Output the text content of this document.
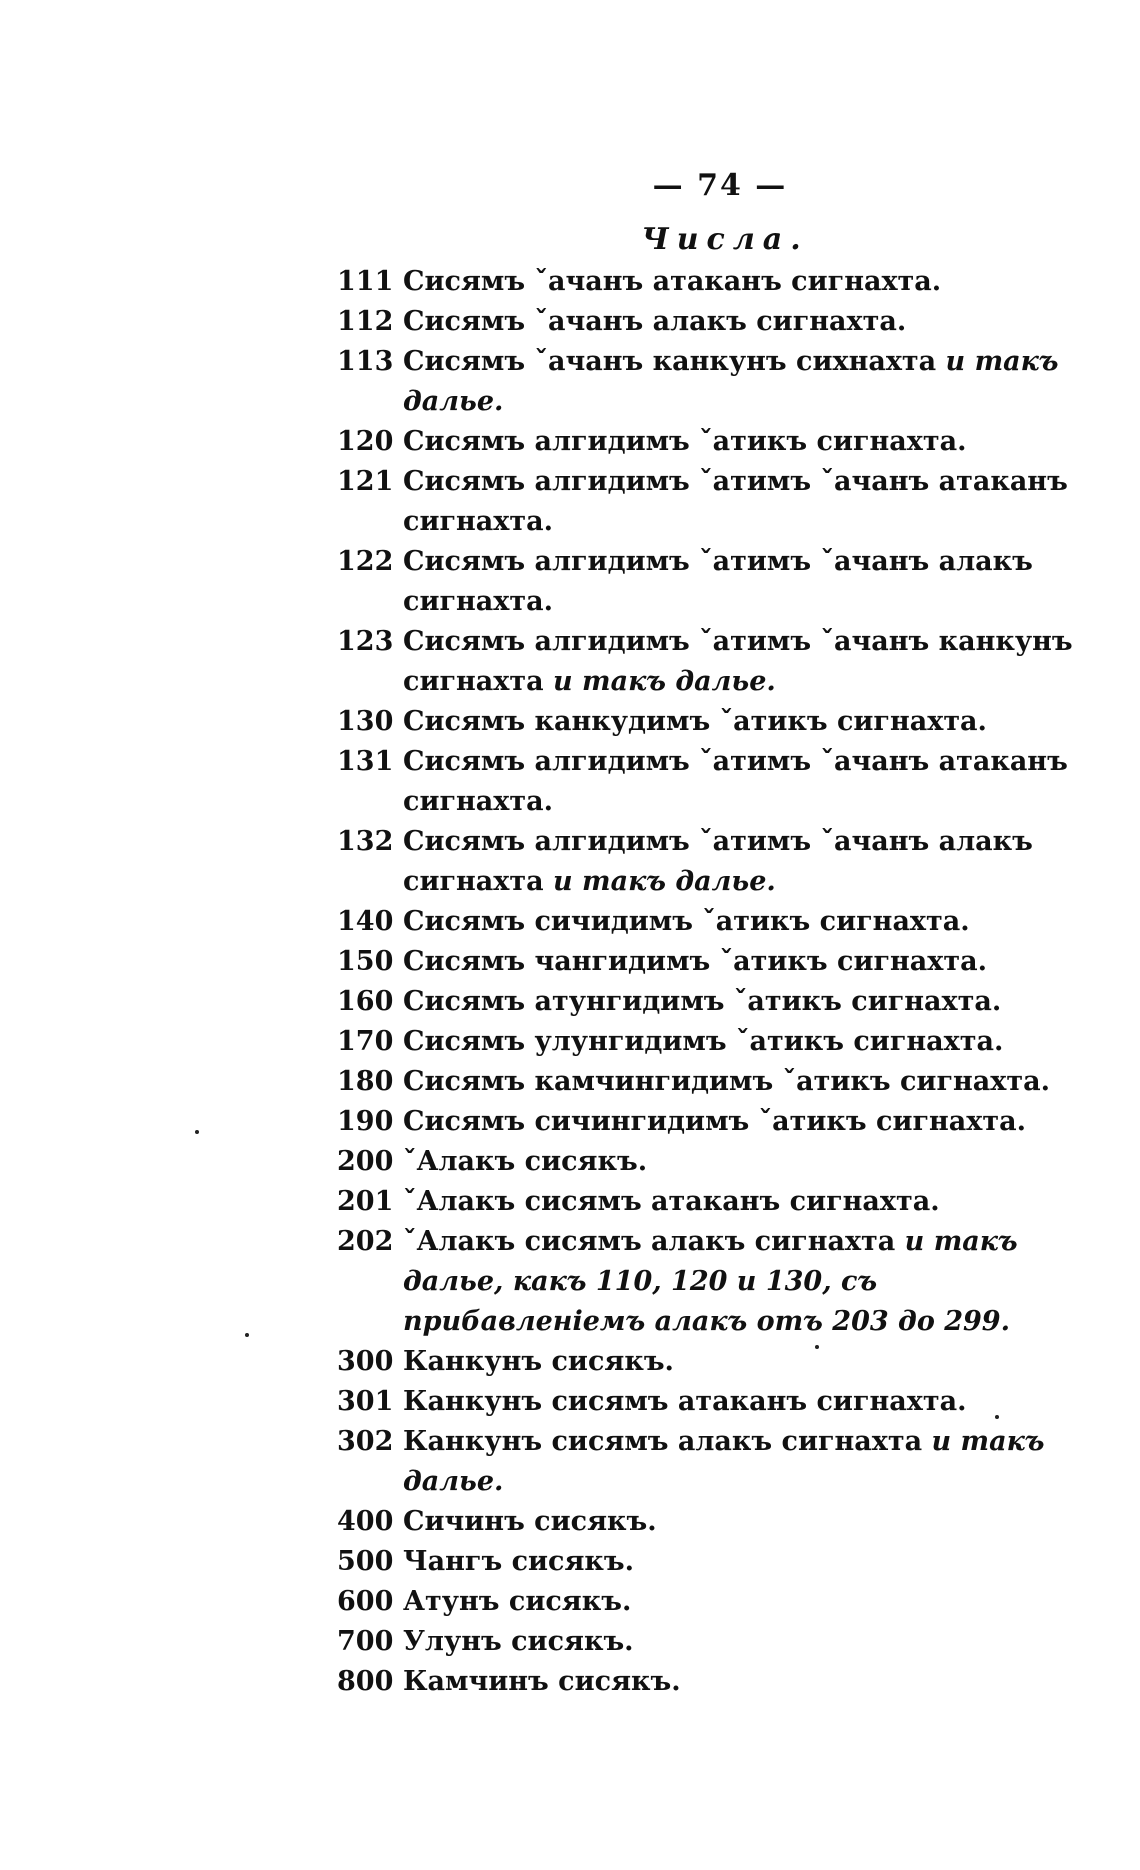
— 74 —
Числа.
111 Сисямъ ˇачанъ атаканъ сигнахта.
112 Сисямъ ˇачанъ алакъ сигнахта.
113 Сисямъ ˇачанъ канкунъ сихнахта и такъ далье.
120 Сисямъ алгидимъ ˇатикъ сигнахта.
121 Сисямъ алгидимъ ˇатимъ ˇачанъ атаканъ сигнахта.
122 Сисямъ алгидимъ ˇатимъ ˇачанъ алакъ сигнахта.
123 Сисямъ алгидимъ ˇатимъ ˇачанъ канкунъ сигнахта и такъ далье.
130 Сисямъ канкудимъ ˇатикъ сигнахта.
131 Сисямъ алгидимъ ˇатимъ ˇачанъ атаканъ сигнахта.
132 Сисямъ алгидимъ ˇатимъ ˇачанъ алакъ сигнахта и такъ далье.
140 Сисямъ сичидимъ ˇатикъ сигнахта.
150 Сисямъ чангидимъ ˇатикъ сигнахта.
160 Сисямъ атунгидимъ ˇатикъ сигнахта.
170 Сисямъ улунгидимъ ˇатикъ сигнахта.
180 Сисямъ камчингидимъ ˇатикъ сигнахта.
190 Сисямъ сичингидимъ ˇатикъ сигнахта.
200 ˇАлакъ сисякъ.
201 ˇАлакъ сисямъ атаканъ сигнахта.
202 ˇАлакъ сисямъ алакъ сигнахта и такъ далье, какъ 110, 120 и 130, съ прибавленіемъ алакъ отъ 203 до 299.
300 Канкунъ сисякъ.
301 Канкунъ сисямъ атаканъ сигнахта.
302 Канкунъ сисямъ алакъ сигнахта и такъ далье.
400 Сичинъ сисякъ.
500 Чангъ сисякъ.
600 Атунъ сисякъ.
700 Улунъ сисякъ.
800 Камчинъ сисякъ.
